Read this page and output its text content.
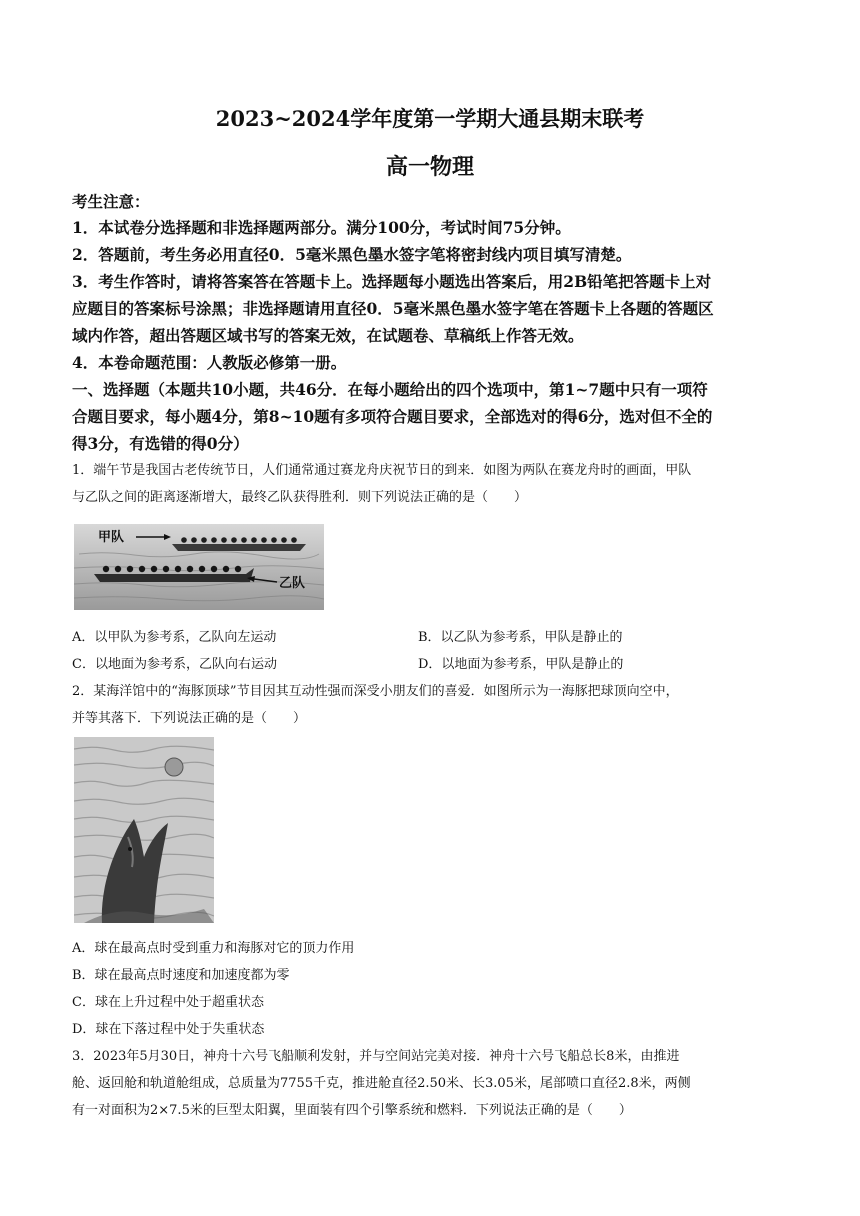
2023~2024学年度第一学期大通县期末联考
高一物理
考生注意：
1．本试卷分选择题和非选择题两部分。满分100分，考试时间75分钟。
2．答题前，考生务必用直径0．5毫米黑色墨水签字笔将密封线内项目填写清楚。
3．考生作答时，请将答案答在答题卡上。选择题每小题选出答案后，用2B铅笔把答题卡上对
应题目的答案标号涂黑；非选择题请用直径0．5毫米黑色墨水签字笔在答题卡上各题的答题区
域内作答，超出答题区域书写的答案无效，在试题卷、草稿纸上作答无效。
4．本卷命题范围：人教版必修第一册。
一、选择题（本题共10小题，共46分．在每小题给出的四个选项中，第1~7题中只有一项符
合题目要求，每小题4分，第8~10题有多项符合题目要求，全部选对的得6分，选对但不全的
得3分，有选错的得0分）
1．端午节是我国古老传统节日，人们通常通过赛龙舟庆祝节日的到来．如图为两队在赛龙舟时的画面，甲队
与乙队之间的距离逐渐增大，最终乙队获得胜利．则下列说法正确的是（　　）
甲队
乙队
A．以甲队为参考系，乙队向左运动	B．以乙队为参考系，甲队是静止的
C．以地面为参考系，乙队向右运动	D．以地面为参考系，甲队是静止的
2．某海洋馆中的“海豚顶球”节目因其互动性强而深受小朋友们的喜爱．如图所示为一海豚把球顶向空中，
并等其落下．下列说法正确的是（　　）
A．球在最高点时受到重力和海豚对它的顶力作用
B．球在最高点时速度和加速度都为零
C．球在上升过程中处于超重状态
D．球在下落过程中处于失重状态
3．2023年5月30日，神舟十六号飞船顺利发射，并与空间站完美对接．神舟十六号飞船总长8米，由推进
舱、返回舱和轨道舱组成，总质量为7755千克，推进舱直径2.50米、长3.05米，尾部喷口直径2.8米，两侧
有一对面积为2×7.5米的巨型太阳翼，里面装有四个引擎系统和燃料．下列说法正确的是（　　）
